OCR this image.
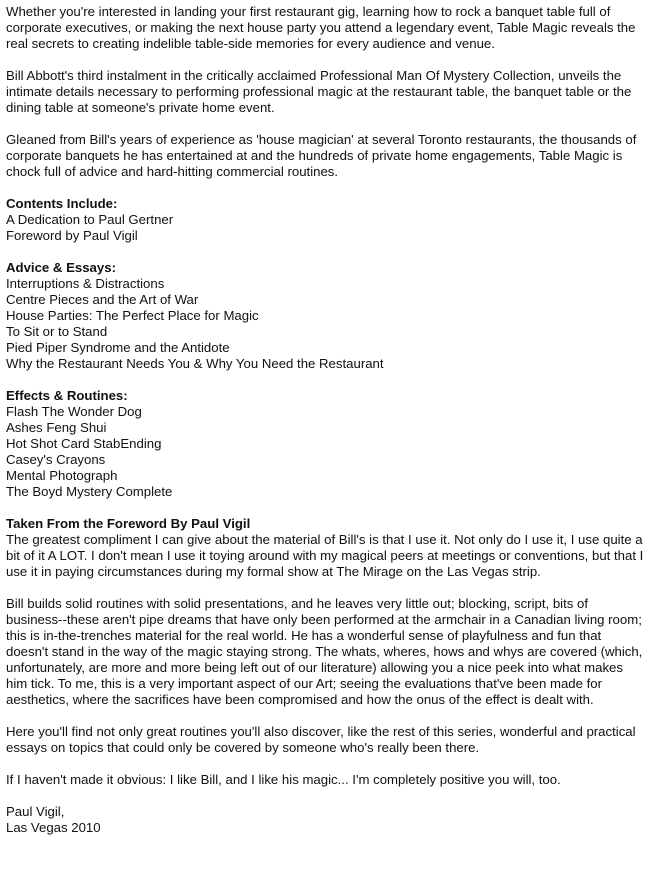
Whether you're interested in landing your first restaurant gig, learning how to rock a banquet table full of corporate executives, or making the next house party you attend a legendary event, Table Magic reveals the real secrets to creating indelible table-side memories for every audience and venue.

Bill Abbott's third instalment in the critically acclaimed Professional Man Of Mystery Collection, unveils the intimate details necessary to performing professional magic at the restaurant table, the banquet table or the dining table at someone's private home event.

Gleaned from Bill's years of experience as 'house magician' at several Toronto restaurants, the thousands of corporate banquets he has entertained at and the hundreds of private home engagements, Table Magic is chock full of advice and hard-hitting commercial routines.

Contents Include:
A Dedication to Paul Gertner
Foreword by Paul Vigil
Advice & Essays:
Interruptions & Distractions
Centre Pieces and the Art of War
House Parties: The Perfect Place for Magic
To Sit or to Stand
Pied Piper Syndrome and the Antidote
Why the Restaurant Needs You & Why You Need the Restaurant
Effects & Routines:
Flash The Wonder Dog
Ashes Feng Shui
Hot Shot Card StabEnding
Casey's Crayons
Mental Photograph
The Boyd Mystery Complete
Taken From the Foreword By Paul Vigil
The greatest compliment I can give about the material of Bill's is that I use it. Not only do I use it, I use quite a bit of it A LOT. I don't mean I use it toying around with my magical peers at meetings or conventions, but that I use it in paying circumstances during my formal show at The Mirage on the Las Vegas strip.

Bill builds solid routines with solid presentations, and he leaves very little out; blocking, script, bits of business--these aren't pipe dreams that have only been performed at the armchair in a Canadian living room; this is in-the-trenches material for the real world. He has a wonderful sense of playfulness and fun that doesn't stand in the way of the magic staying strong. The whats, wheres, hows and whys are covered (which, unfortunately, are more and more being left out of our literature) allowing you a nice peek into what makes him tick. To me, this is a very important aspect of our Art; seeing the evaluations that've been made for aesthetics, where the sacrifices have been compromised and how the onus of the effect is dealt with.

Here you'll find not only great routines you'll also discover, like the rest of this series, wonderful and practical essays on topics that could only be covered by someone who's really been there.

If I haven't made it obvious: I like Bill, and I like his magic... I'm completely positive you will, too.

Paul Vigil,
Las Vegas 2010
